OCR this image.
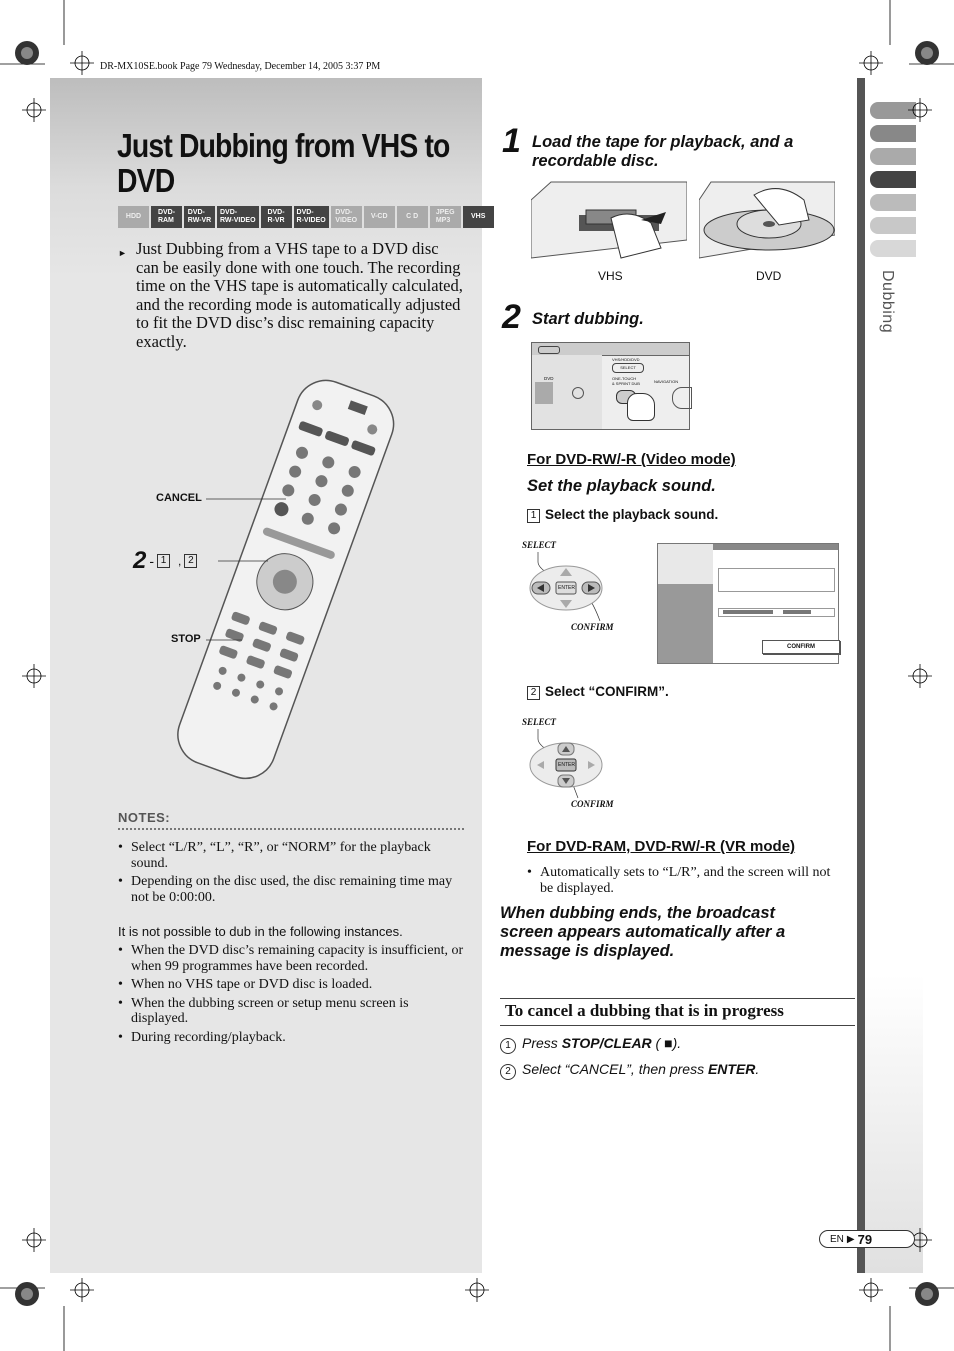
Dubbing
DR-MX10SE.book Page 79 Wednesday, December 14, 2005 3:37 PM
Just Dubbing from VHS to DVD
HDD
DVD-
RAM
DVD-
RW-VR
DVD-
RW-VIDEO
DVD-
R-VR
DVD-
R-VIDEO
DVD-
VIDEO
V-CD	C D
JPEG
MP3
VHS
► Just Dubbing from a VHS tape to a DVD disc can be easily done with one touch. The recording time on the VHS tape is automatically calculated, and the recording mode is automatically adjusted to fit the DVD disc’s disc remaining capacity exactly.
CANCEL
STOP
2 - 1 , 2
NOTES:
• Select “L/R”, “L”, “R”, or “NORM” for the playback sound.
• Depending on the disc used, the disc remaining time may not be 0:00:00.
It is not possible to dub in the following instances.
• When the DVD disc’s remaining capacity is insufficient, or when 99 programmes have been recorded.
• When no VHS tape or DVD disc is loaded.
• When the dubbing screen or setup menu screen is displayed.
• During recording/playback.
1 Load the tape for playback, and a recordable disc.
VHS	DVD
2 Start dubbing.
DVD
VHS/HDD/DVD
SELECT
ONE-TOUCH
& SPRINT DUB	NAVIGATION
For DVD-RW/-R (Video mode)
Set the playback sound.
1 Select the playback sound.
SELECT
CONFIRM
ENTER
CONFIRM
2 Select “CONFIRM”.
SELECT
CONFIRM
ENTER
For DVD-RAM, DVD-RW/-R (VR mode)
• Automatically sets to “L/R”, and the screen will not be displayed.
When dubbing ends, the broadcast screen appears automatically after a message is displayed.
To cancel a dubbing that is in progress
1 Press STOP/CLEAR ( ■).
2 Select “CANCEL”, then press ENTER.
EN ▶ 79
